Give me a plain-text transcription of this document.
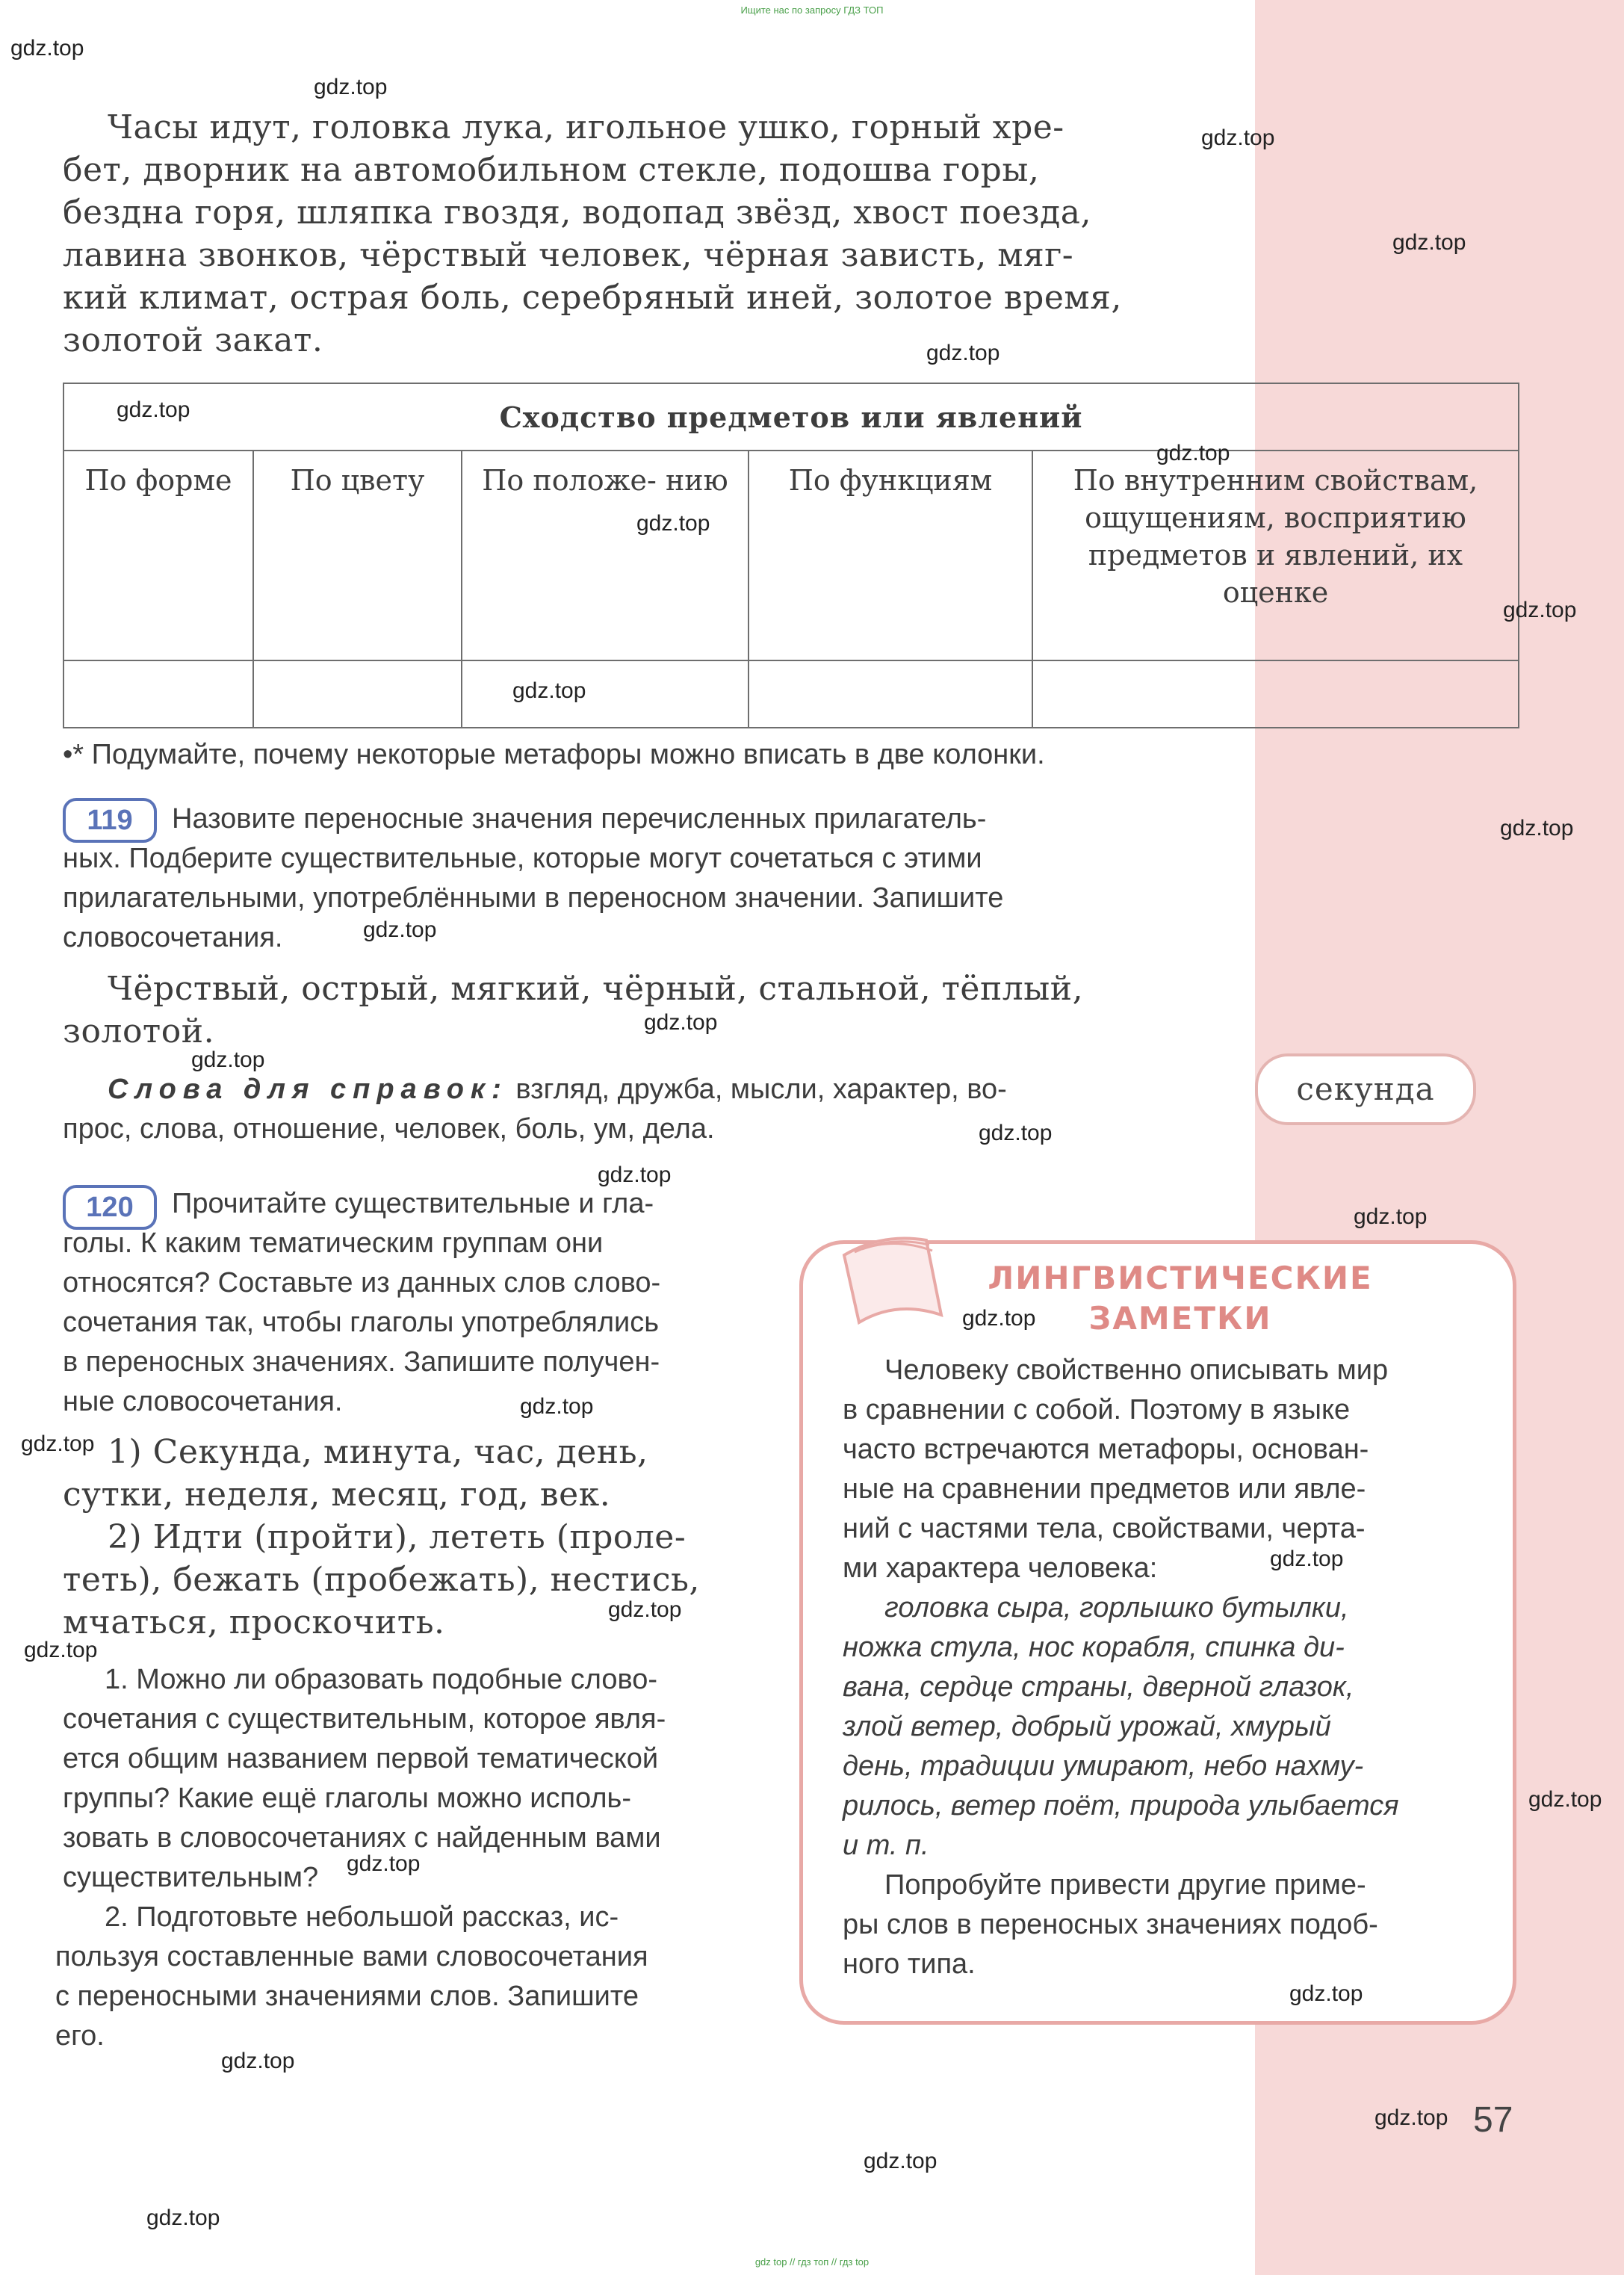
Ищите нас по запросу ГДЗ ТОП
gdz top // гдз топ // гдз top
Часы идут, головка лука, игольное ушко, горный хре-
бет, дворник на автомобильном стекле, подошва горы,
бездна горя, шляпка гвоздя, водопад звёзд, хвост поезда,
лавина звонков, чёрствый человек, чёрная зависть, мяг-
кий климат, острая боль, серебряный иней, золотое время,
золотой закат.
Сходство предметов или явлений				
По форме	По цвету	По положе- нию	По функциям	По внутренним свойствам, ощущениям, восприятию предметов и явлений, их оценке

•* Подумайте, почему некоторые метафоры можно вписать в две колонки.
119	Назовите переносные значения перечисленных прилагатель-
ных. Подберите существительные, которые могут сочетаться с этими
прилагательными, употреблёнными в переносном значении. Запишите
словосочетания.
Чёрствый, острый, мягкий, чёрный, стальной, тёплый,
золотой.
Слова для справок: взгляд, дружба, мысли, характер, во-
прос, слова, отношение, человек, боль, ум, дела.
секунда
120	Прочитайте существительные и гла-
голы. К каким тематическим группам они
относятся? Составьте из данных слов слово-
сочетания так, чтобы глаголы употреблялись
в переносных значениях. Запишите получен-
ные словосочетания.
1) Секунда, минута, час, день,
сутки, неделя, месяц, год, век.
2) Идти (пройти), лететь (проле-
теть), бежать (пробежать), нестись,
мчаться, проскочить.
1. Можно ли образовать подобные слово-
сочетания с существительным, которое явля-
ется общим названием первой тематической
группы? Какие ещё глаголы можно исполь-
зовать в словосочетаниях с найденным вами
существительным?
2. Подготовьте небольшой рассказ, ис-
пользуя составленные вами словосочетания
с переносными значениями слов. Запишите
его.
ЛИНГВИСТИЧЕСКИЕ
ЗАМЕТКИ
Человеку свойственно описывать мир
в сравнении с собой. Поэтому в языке
часто встречаются метафоры, основан-
ные на сравнении предметов или явле-
ний с частями тела, свойствами, черта-
ми характера человека:
головка сыра, горлышко бутылки,
ножка стула, нос корабля, спинка ди-
вана, сердце страны, дверной глазок,
злой ветер, добрый урожай, хмурый
день, традиции умирают, небо нахму-
рилось, ветер поёт, природа улыбается
и т. п.
Попробуйте привести другие приме-
ры слов в переносных значениях подоб-
ного типа.
57
gdz.top
gdz.top
gdz.top
gdz.top
gdz.top
gdz.top
gdz.top
gdz.top
gdz.top
gdz.top
gdz.top
gdz.top
gdz.top
gdz.top
gdz.top
gdz.top
gdz.top
gdz.top
gdz.top
gdz.top
gdz.top
gdz.top
gdz.top
gdz.top
gdz.top
gdz.top
gdz.top
gdz.top
gdz.top
gdz.top
